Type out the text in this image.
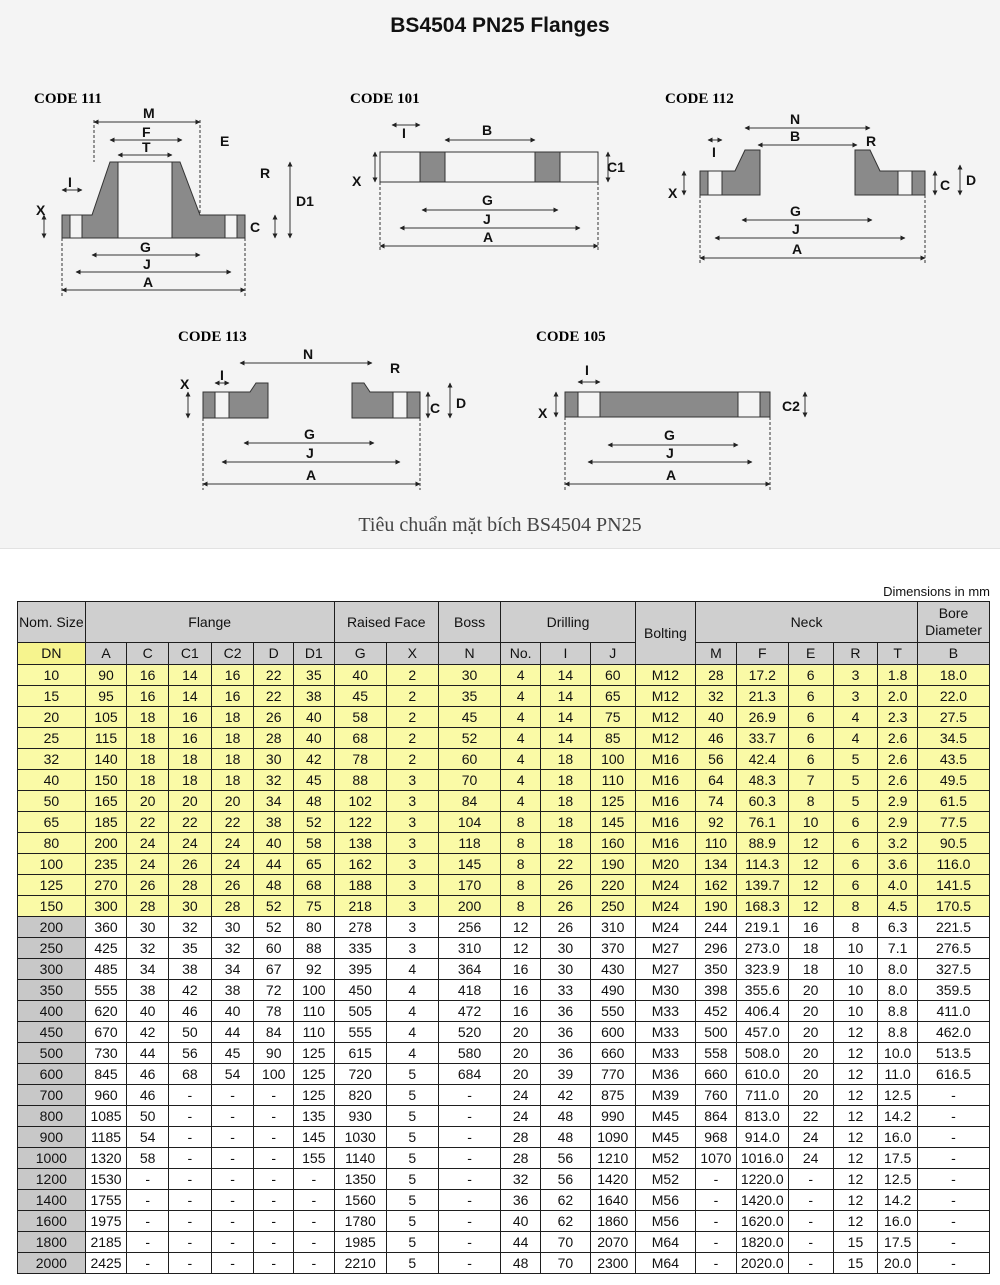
BS4504 PN25 Flanges
CODE 111	CODE 101	CODE 112
CODE 113	CODE 105
M
F
T	E
R
I
X
D1
C
G
J
A
I	B
X
C1
G
J
A
N
I
B	R
X	C D
G
J
A
N
R
X
I
C D
G
J
A
I
X	C2
G
J
A
Tiêu chuẩn mặt bích BS4504 PN25
Dimensions in mm
Nom. Size	Flange						Raised Face		Boss	Drilling			Bolting	Neck					Bore Diameter
DN	A	C	C1	C2	D	D1	G	X	N	No.	I	J		M	F	E	R	T	B
10	90	16	14	16	22	35	40	2	30	4	14	60	M12	28	17.2	6	3	1.8	18.0
15	95	16	14	16	22	38	45	2	35	4	14	65	M12	32	21.3	6	3	2.0	22.0
20	105	18	16	18	26	40	58	2	45	4	14	75	M12	40	26.9	6	4	2.3	27.5
25	115	18	16	18	28	40	68	2	52	4	14	85	M12	46	33.7	6	4	2.6	34.5
32	140	18	18	18	30	42	78	2	60	4	18	100	M16	56	42.4	6	5	2.6	43.5
40	150	18	18	18	32	45	88	3	70	4	18	110	M16	64	48.3	7	5	2.6	49.5
50	165	20	20	20	34	48	102	3	84	4	18	125	M16	74	60.3	8	5	2.9	61.5
65	185	22	22	22	38	52	122	3	104	8	18	145	M16	92	76.1	10	6	2.9	77.5
80	200	24	24	24	40	58	138	3	118	8	18	160	M16	110	88.9	12	6	3.2	90.5
100	235	24	26	24	44	65	162	3	145	8	22	190	M20	134	114.3	12	6	3.6	116.0
125	270	26	28	26	48	68	188	3	170	8	26	220	M24	162	139.7	12	6	4.0	141.5
150	300	28	30	28	52	75	218	3	200	8	26	250	M24	190	168.3	12	8	4.5	170.5
200	360	30	32	30	52	80	278	3	256	12	26	310	M24	244	219.1	16	8	6.3	221.5
250	425	32	35	32	60	88	335	3	310	12	30	370	M27	296	273.0	18	10	7.1	276.5
300	485	34	38	34	67	92	395	4	364	16	30	430	M27	350	323.9	18	10	8.0	327.5
350	555	38	42	38	72	100	450	4	418	16	33	490	M30	398	355.6	20	10	8.0	359.5
400	620	40	46	40	78	110	505	4	472	16	36	550	M33	452	406.4	20	10	8.8	411.0
450	670	42	50	44	84	110	555	4	520	20	36	600	M33	500	457.0	20	12	8.8	462.0
500	730	44	56	45	90	125	615	4	580	20	36	660	M33	558	508.0	20	12	10.0	513.5
600	845	46	68	54	100	125	720	5	684	20	39	770	M36	660	610.0	20	12	11.0	616.5
700	960	46	-	-	-	125	820	5	-	24	42	875	M39	760	711.0	20	12	12.5	-
800	1085	50	-	-	-	135	930	5	-	24	48	990	M45	864	813.0	22	12	14.2	-
900	1185	54	-	-	-	145	1030	5	-	28	48	1090	M45	968	914.0	24	12	16.0	-
1000	1320	58	-	-	-	155	1140	5	-	28	56	1210	M52	1070	1016.0	24	12	17.5	-
1200	1530	-	-	-	-	-	1350	5	-	32	56	1420	M52	-	1220.0	-	12	12.5	-
1400	1755	-	-	-	-	-	1560	5	-	36	62	1640	M56	-	1420.0	-	12	14.2	-
1600	1975	-	-	-	-	-	1780	5	-	40	62	1860	M56	-	1620.0	-	12	16.0	-
1800	2185	-	-	-	-	-	1985	5	-	44	70	2070	M64	-	1820.0	-	15	17.5	-
2000	2425	-	-	-	-	-	2210	5	-	48	70	2300	M64	-	2020.0	-	15	20.0	-
